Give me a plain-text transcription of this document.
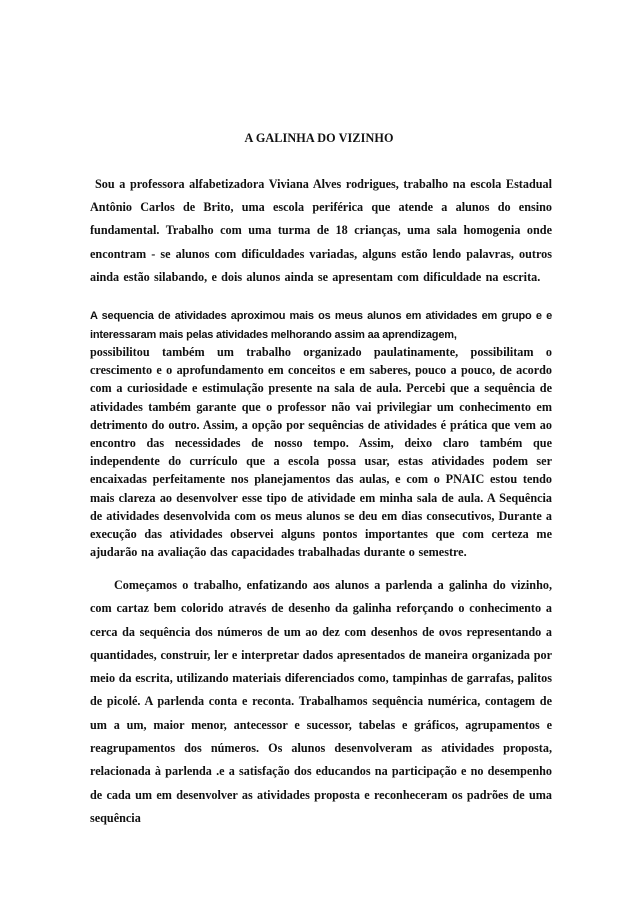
A GALINHA DO VIZINHO

Sou a professora alfabetizadora Viviana Alves rodrigues, trabalho na escola Estadual Antônio Carlos de Brito, uma escola periférica que atende a alunos do ensino fundamental. Trabalho com uma turma de 18 crianças, uma sala homogenia onde encontram - se alunos com dificuldades variadas, alguns estão lendo palavras, outros ainda estão silabando, e dois alunos ainda se apresentam com dificuldade na escrita.

A sequencia de atividades aproximou mais os meus alunos em atividades em grupo e e interessaram mais pelas atividades melhorando assim aa aprendizagem,

possibilitou também um trabalho organizado paulatinamente, possibilitam o crescimento e o aprofundamento em conceitos e em saberes, pouco a pouco, de acordo com a curiosidade e estimulação presente na sala de aula. Percebi que a sequência de atividades também garante que o professor não vai privilegiar um conhecimento em detrimento do outro. Assim, a opção por sequências de atividades é prática que vem ao encontro das necessidades de nosso tempo. Assim, deixo claro também que independente do currículo que a escola possa usar, estas atividades podem ser encaixadas perfeitamente nos planejamentos das aulas, e com o PNAIC estou tendo mais clareza ao desenvolver esse tipo de atividade em minha sala de aula. A Sequência de atividades desenvolvida com os meus alunos se deu em dias consecutivos, Durante a execução das atividades observei alguns pontos importantes que com certeza me ajudarão na avaliação das capacidades trabalhadas durante o semestre.

Começamos o trabalho, enfatizando aos alunos a parlenda a galinha do vizinho, com cartaz bem colorido através de desenho da galinha reforçando o conhecimento a cerca da sequência dos números de um ao dez com desenhos de ovos representando a quantidades, construir, ler e interpretar dados apresentados de maneira organizada por meio da escrita, utilizando materiais diferenciados como, tampinhas de garrafas, palitos de picolé. A parlenda conta e reconta. Trabalhamos sequência numérica, contagem de um a um, maior menor, antecessor e sucessor, tabelas e gráficos, agrupamentos e reagrupamentos dos números. Os alunos desenvolveram as atividades proposta, relacionada à parlenda .e a satisfação dos educandos na participação e no desempenho de cada um em desenvolver as atividades proposta e reconheceram os padrões de uma sequência
